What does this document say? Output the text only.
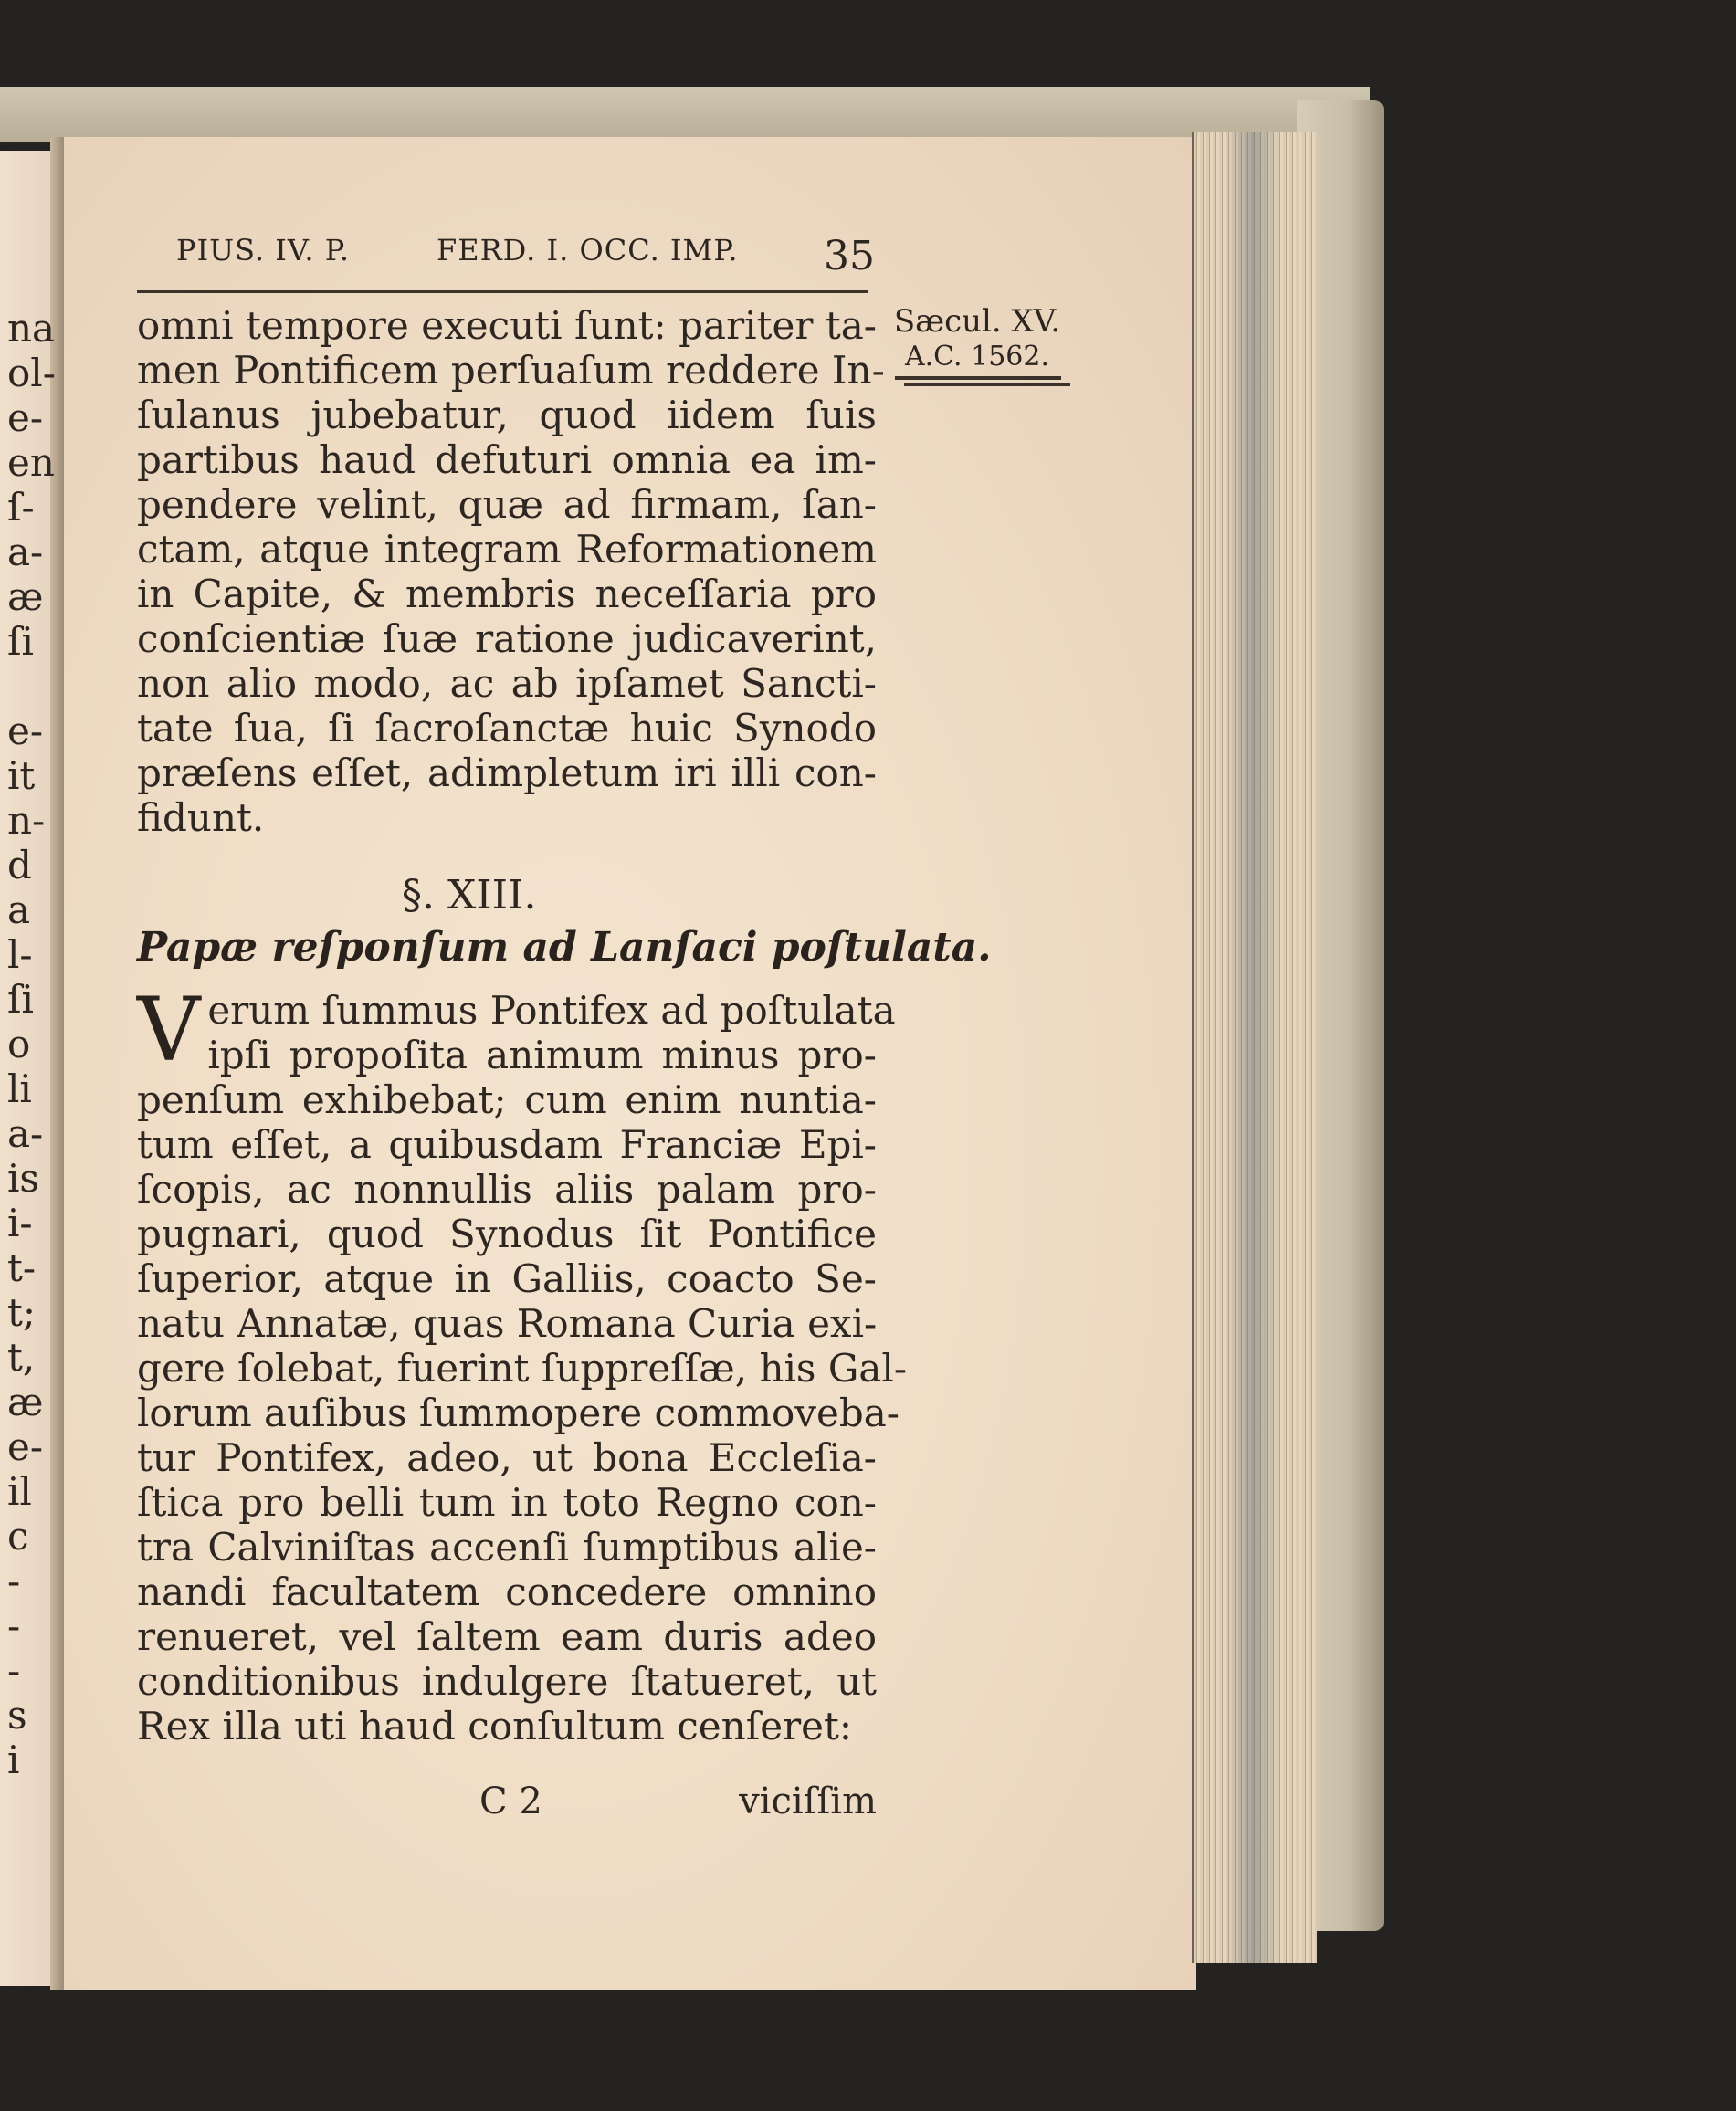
na
ol-
e-
en
ſ-
a-
æ
ſi
e-
it
n-
d
a
l-
ſi
o
li
a-
is
i-
t-
t;
t,
æ
e-
il
c
-
-
-
s
i
PIUS. IV. P.	FERD. I. OCC. IMP. 35
Sæcul. XV.
A.C. 1562.
omni tempore executi ſunt: pariter ta-
men Pontificem perſuaſum reddere In-
ſulanus jubebatur, quod iidem ſuis
partibus haud defuturi omnia ea im-
pendere velint, quæ ad firmam, ſan-
ctam, atque integram Reformationem
in Capite, & membris neceſſaria pro
conſcientiæ ſuæ ratione judicaverint,
non alio modo, ac ab ipſamet Sancti-
tate ſua, ſi ſacroſanctæ huic Synodo
præſens eſſet, adimpletum iri illi con-
fidunt.
§. XIII.
Papæ reſponſum ad Lanſaci poſtulata.
V erum ſummus Pontifex ad poſtulata
ipſi propoſita animum minus pro-
penſum exhibebat; cum enim nuntia-
tum eſſet, a quibusdam Franciæ Epi-
ſcopis, ac nonnullis aliis palam pro-
pugnari, quod Synodus ſit Pontifice
ſuperior, atque in Galliis, coacto Se-
natu Annatæ, quas Romana Curia exi-
gere ſolebat, fuerint ſuppreſſæ, his Gal-
lorum auſibus ſummopere commoveba-
tur Pontifex, adeo, ut bona Eccleſia-
ſtica pro belli tum in toto Regno con-
tra Calviniſtas accenſi ſumptibus alie-
nandi facultatem concedere omnino
renueret, vel ſaltem eam duris adeo
conditionibus indulgere ſtatueret, ut
Rex illa uti haud conſultum cenſeret:
C 2	viciſſim
